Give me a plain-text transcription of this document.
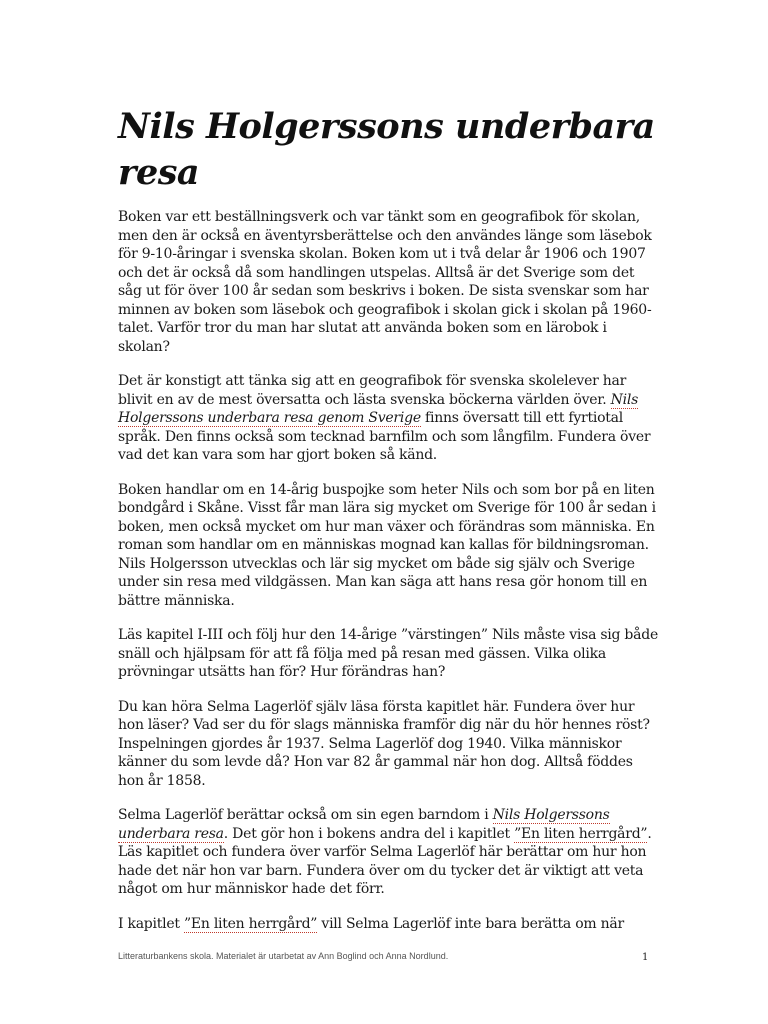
Nils Holgerssons underbara resa

Boken var ett beställningsverk och var tänkt som en geografibok för skolan, men den är också en äventyrsberättelse och den användes länge som läsebok för 9-10-åringar i svenska skolan. Boken kom ut i två delar år 1906 och 1907 och det är också då som handlingen utspelas. Alltså är det Sverige som det såg ut för över 100 år sedan som beskrivs i boken. De sista svenskar som har minnen av boken som läsebok och geografibok i skolan gick i skolan på 1960-talet. Varför tror du man har slutat att använda boken som en lärobok i skolan?

Det är konstigt att tänka sig att en geografibok för svenska skolelever har blivit en av de mest översatta och lästa svenska böckerna världen över. Nils Holgerssons underbara resa genom Sverige finns översatt till ett fyrtiotal språk. Den finns också som tecknad barnfilm och som långfilm. Fundera över vad det kan vara som har gjort boken så känd.

Boken handlar om en 14-årig buspojke som heter Nils och som bor på en liten bondgård i Skåne. Visst får man lära sig mycket om Sverige för 100 år sedan i boken, men också mycket om hur man växer och förändras som människa. En roman som handlar om en människas mognad kan kallas för bildningsroman. Nils Holgersson utvecklas och lär sig mycket om både sig själv och Sverige under sin resa med vildgässen. Man kan säga att hans resa gör honom till en bättre människa.

Läs kapitel I-III och följ hur den 14-årige ”värstingen” Nils måste visa sig både snäll och hjälpsam för att få följa med på resan med gässen. Vilka olika prövningar utsätts han för? Hur förändras han?

Du kan höra Selma Lagerlöf själv läsa första kapitlet här. Fundera över hur hon läser? Vad ser du för slags människa framför dig när du hör hennes röst? Inspelningen gjordes år 1937. Selma Lagerlöf dog 1940. Vilka människor känner du som levde då? Hon var 82 år gammal när hon dog. Alltså föddes hon år 1858.

Selma Lagerlöf berättar också om sin egen barndom i Nils Holgerssons underbara resa. Det gör hon i bokens andra del i kapitlet ”En liten herrgård”. Läs kapitlet och fundera över varför Selma Lagerlöf här berättar om hur hon hade det när hon var barn. Fundera över om du tycker det är viktigt att veta något om hur människor hade det förr.

I kapitlet ”En liten herrgård” vill Selma Lagerlöf inte bara berätta om när

Litteraturbankens skola. Materialet är utarbetat av Ann Boglind och Anna Nordlund.	1
